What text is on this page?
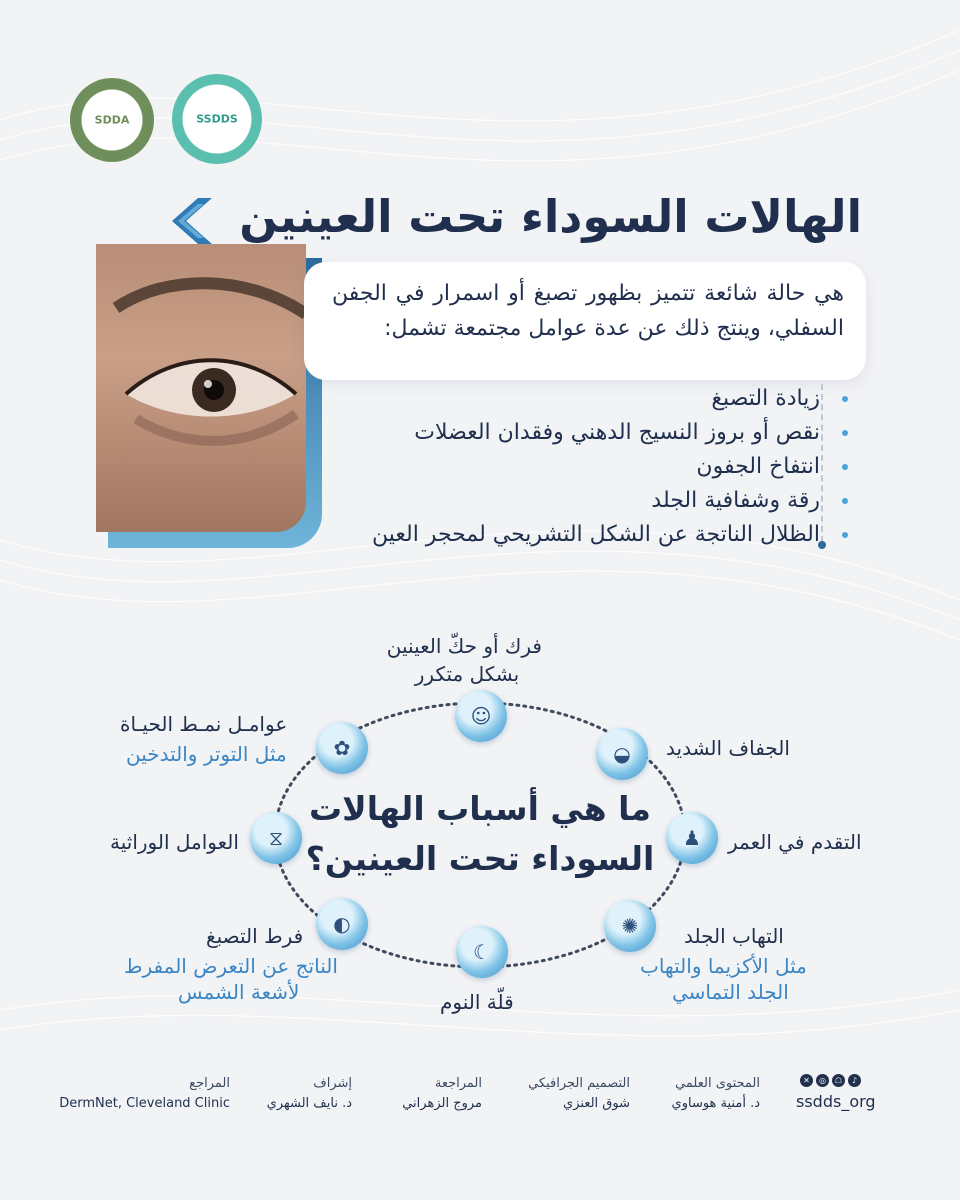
SDDA	SSDDS
الهالات السوداء تحت العينين
هي حالة شائعة تتميز بظهور تصبغ أو اسمرار في الجفن السفلي، وينتج ذلك عن عدة عوامل مجتمعة تشمل:
زيادة التصبغ
نقص أو بروز النسيج الدهني وفقدان العضلات
انتفاخ الجفون
رقة وشفافية الجلد
الظلال الناتجة عن الشكل التشريحي لمحجر العين
ما هي أسباب الهالات السوداء تحت العينين؟
☺
◒
♟
✺
☾
◐
⧖
✿
فرك أو حكّ العينين
بشكل متكرر
الجفاف الشديد
التقدم في العمر
التهاب الجلد
مثل الأكزيما والتهاب
الجلد التماسي
قلّة النوم
فرط التصبغ
الناتج عن التعرض المفرط
لأشعة الشمس
العوامل الوراثية
عوامـل نمـط الحيـاة
مثل التوتر والتدخين
المحتوى العلمي
د. أمنية هوساوي
التصميم الجرافيكي
شوق العنزي
المراجعة
مروج الزهراني
إشراف
د. نايف الشهري
المراجع
DermNet, Cleveland Clinic
✕	◎	☖	♪
ssdds_org
